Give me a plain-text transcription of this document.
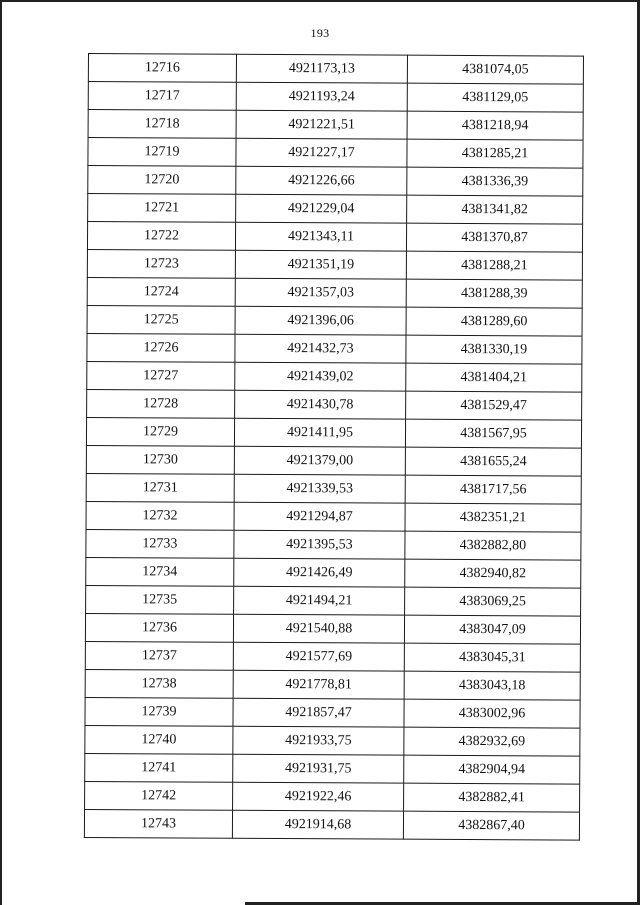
193
12716	4921173,13	4381074,05
12717	4921193,24	4381129,05
12718	4921221,51	4381218,94
12719	4921227,17	4381285,21
12720	4921226,66	4381336,39
12721	4921229,04	4381341,82
12722	4921343,11	4381370,87
12723	4921351,19	4381288,21
12724	4921357,03	4381288,39
12725	4921396,06	4381289,60
12726	4921432,73	4381330,19
12727	4921439,02	4381404,21
12728	4921430,78	4381529,47
12729	4921411,95	4381567,95
12730	4921379,00	4381655,24
12731	4921339,53	4381717,56
12732	4921294,87	4382351,21
12733	4921395,53	4382882,80
12734	4921426,49	4382940,82
12735	4921494,21	4383069,25
12736	4921540,88	4383047,09
12737	4921577,69	4383045,31
12738	4921778,81	4383043,18
12739	4921857,47	4383002,96
12740	4921933,75	4382932,69
12741	4921931,75	4382904,94
12742	4921922,46	4382882,41
12743	4921914,68	4382867,40
